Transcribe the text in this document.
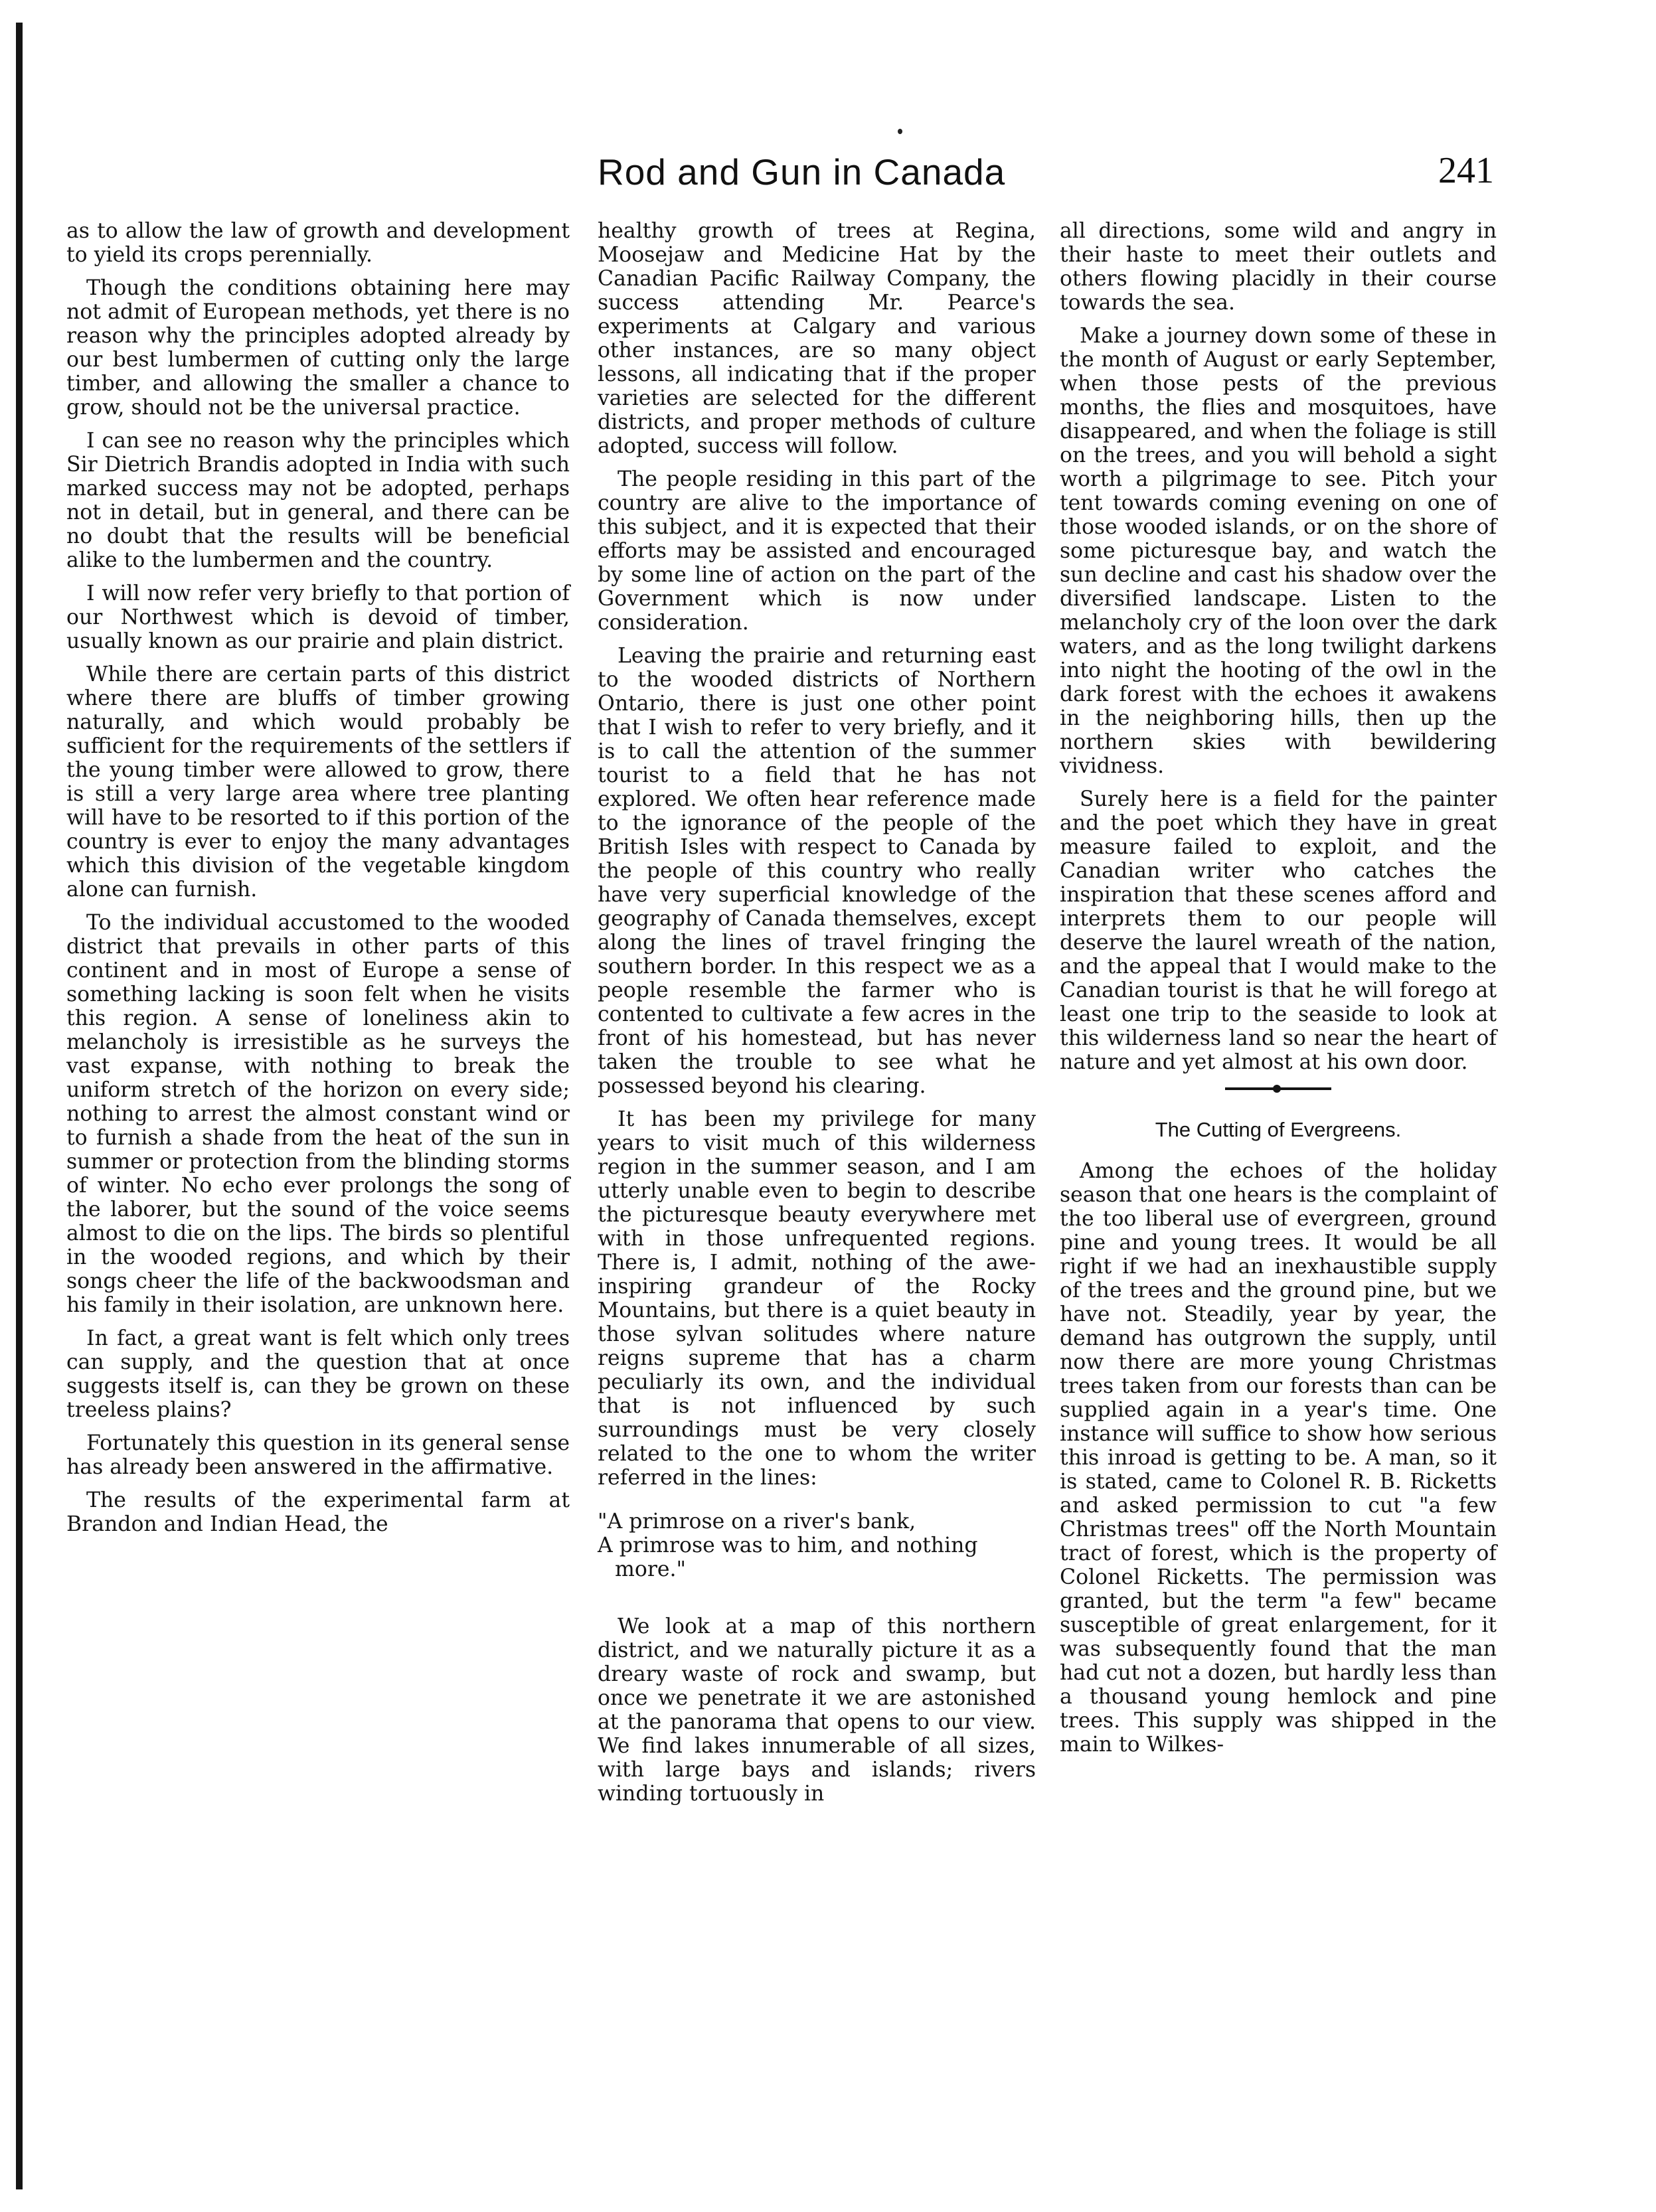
Rod and Gun in Canada	241

as to allow the law of growth and development to yield its crops perennially.

Though the conditions obtaining here may not admit of European methods, yet there is no reason why the principles adopted already by our best lumbermen of cutting only the large timber, and allowing the smaller a chance to grow, should not be the universal practice.

I can see no reason why the principles which Sir Dietrich Brandis adopted in India with such marked success may not be adopted, perhaps not in detail, but in general, and there can be no doubt that the results will be beneficial alike to the lumbermen and the country.

I will now refer very briefly to that portion of our Northwest which is devoid of timber, usually known as our prairie and plain district.

While there are certain parts of this district where there are bluffs of timber growing naturally, and which would probably be sufficient for the requirements of the settlers if the young timber were allowed to grow, there is still a very large area where tree planting will have to be resorted to if this portion of the country is ever to enjoy the many advantages which this division of the vegetable kingdom alone can furnish.

To the individual accustomed to the wooded district that prevails in other parts of this continent and in most of Europe a sense of something lacking is soon felt when he visits this region. A sense of loneliness akin to melancholy is irresistible as he surveys the vast expanse, with nothing to break the uniform stretch of the horizon on every side; nothing to arrest the almost constant wind or to furnish a shade from the heat of the sun in summer or protection from the blinding storms of winter. No echo ever prolongs the song of the laborer, but the sound of the voice seems almost to die on the lips. The birds so plentiful in the wooded regions, and which by their songs cheer the life of the backwoodsman and his family in their isolation, are unknown here.

In fact, a great want is felt which only trees can supply, and the question that at once suggests itself is, can they be grown on these treeless plains?

Fortunately this question in its general sense has already been answered in the affirmative.

The results of the experimental farm at Brandon and Indian Head, the

healthy growth of trees at Regina, Moosejaw and Medicine Hat by the Canadian Pacific Railway Company, the success attending Mr. Pearce's experiments at Calgary and various other instances, are so many object lessons, all indicating that if the proper varieties are selected for the different districts, and proper methods of culture adopted, success will follow.

The people residing in this part of the country are alive to the importance of this subject, and it is expected that their efforts may be assisted and encouraged by some line of action on the part of the Government which is now under consideration.

Leaving the prairie and returning east to the wooded districts of Northern Ontario, there is just one other point that I wish to refer to very briefly, and it is to call the attention of the summer tourist to a field that he has not explored. We often hear reference made to the ignorance of the people of the British Isles with respect to Canada by the people of this country who really have very superficial knowledge of the geography of Canada themselves, except along the lines of travel fringing the southern border. In this respect we as a people resemble the farmer who is contented to cultivate a few acres in the front of his homestead, but has never taken the trouble to see what he possessed beyond his clearing.

It has been my privilege for many years to visit much of this wilderness region in the summer season, and I am utterly unable even to begin to describe the picturesque beauty everywhere met with in those unfrequented regions. There is, I admit, nothing of the awe-inspiring grandeur of the Rocky Mountains, but there is a quiet beauty in those sylvan solitudes where nature reigns supreme that has a charm peculiarly its own, and the individual that is not influenced by such surroundings must be very closely related to the one to whom the writer referred in the lines:

"A primrose on a river's bank,
A primrose was to him, and nothing more."

We look at a map of this northern district, and we naturally picture it as a dreary waste of rock and swamp, but once we penetrate it we are astonished at the panorama that opens to our view. We find lakes innumerable of all sizes, with large bays and islands; rivers winding tortuously in

all directions, some wild and angry in their haste to meet their outlets and others flowing placidly in their course towards the sea.

Make a journey down some of these in the month of August or early September, when those pests of the previous months, the flies and mosquitoes, have disappeared, and when the foliage is still on the trees, and you will behold a sight worth a pilgrimage to see. Pitch your tent towards coming evening on one of those wooded islands, or on the shore of some picturesque bay, and watch the sun decline and cast his shadow over the diversified landscape. Listen to the melancholy cry of the loon over the dark waters, and as the long twilight darkens into night the hooting of the owl in the dark forest with the echoes it awakens in the neighboring hills, then up the northern skies with bewildering vividness.

Surely here is a field for the painter and the poet which they have in great measure failed to exploit, and the Canadian writer who catches the inspiration that these scenes afford and interprets them to our people will deserve the laurel wreath of the nation, and the appeal that I would make to the Canadian tourist is that he will forego at least one trip to the seaside to look at this wilderness land so near the heart of nature and yet almost at his own door.

The Cutting of Evergreens.

Among the echoes of the holiday season that one hears is the complaint of the too liberal use of evergreen, ground pine and young trees. It would be all right if we had an inexhaustible supply of the trees and the ground pine, but we have not. Steadily, year by year, the demand has outgrown the supply, until now there are more young Christmas trees taken from our forests than can be supplied again in a year's time. One instance will suffice to show how serious this inroad is getting to be. A man, so it is stated, came to Colonel R. B. Ricketts and asked permission to cut "a few Christmas trees" off the North Mountain tract of forest, which is the property of Colonel Ricketts. The permission was granted, but the term "a few" became susceptible of great enlargement, for it was subsequently found that the man had cut not a dozen, but hardly less than a thousand young hemlock and pine trees. This supply was shipped in the main to Wilkes-
